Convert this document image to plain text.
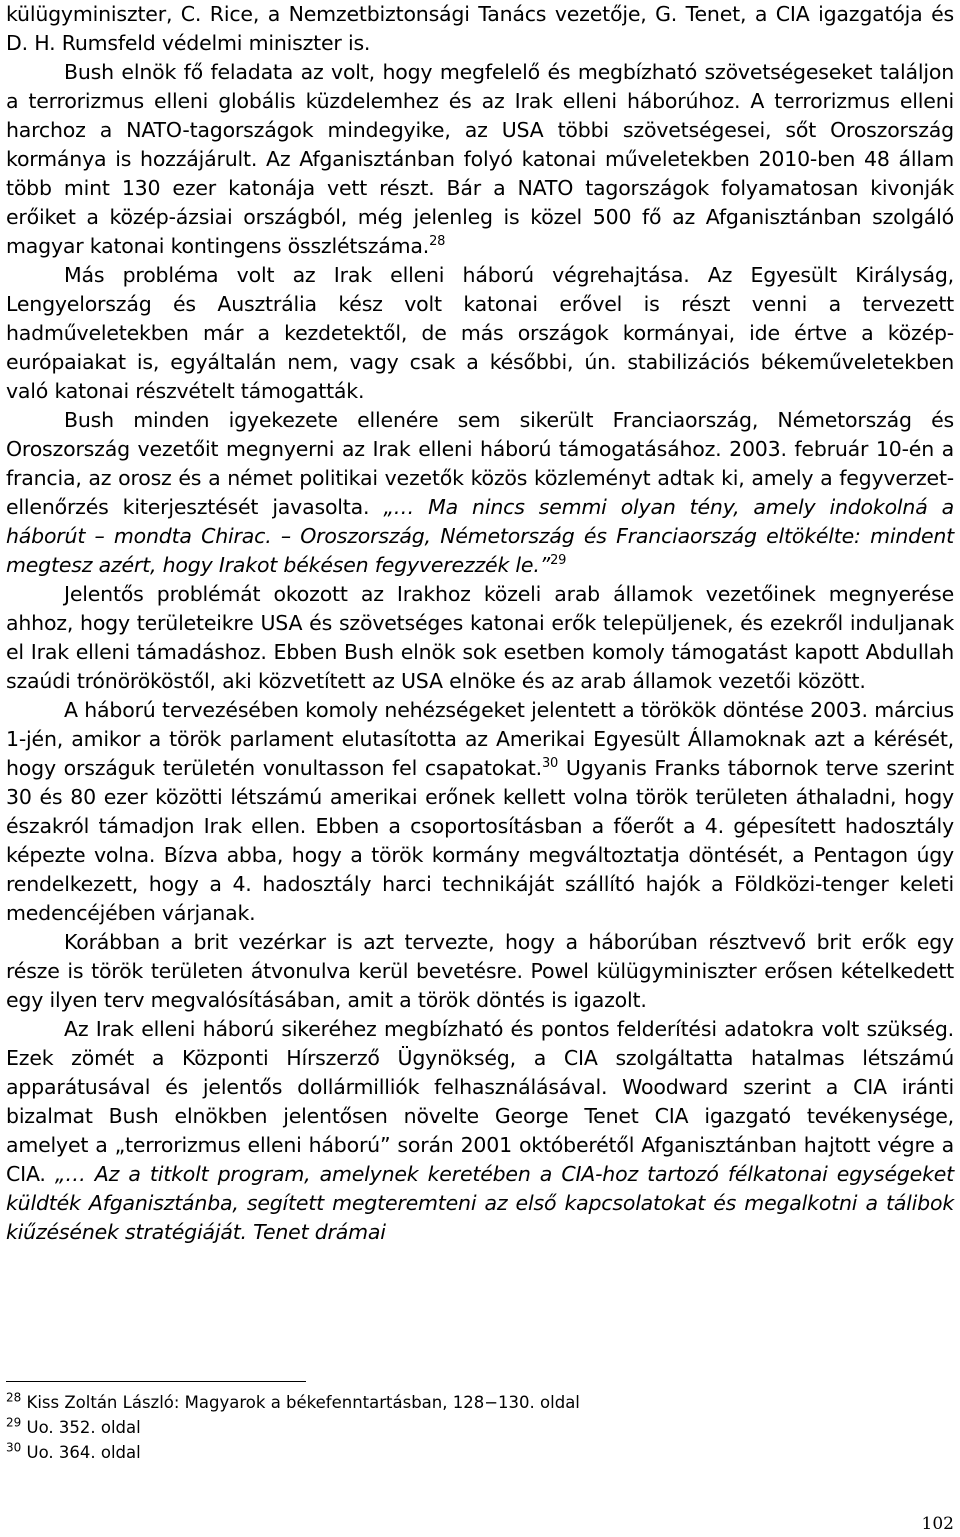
külügyminiszter, C. Rice, a Nemzetbiztonsági Tanács vezetője, G. Tenet, a CIA igazgatója és D. H. Rumsfeld védelmi miniszter is.

Bush elnök fő feladata az volt, hogy megfelelő és megbízható szövetségeseket találjon a terrorizmus elleni globális küzdelemhez és az Irak elleni háborúhoz. A terrorizmus elleni harchoz a NATO-tagországok mindegyike, az USA többi szövetségesei, sőt Oroszország kormánya is hozzájárult. Az Afganisztánban folyó katonai műveletekben 2010-ben 48 állam több mint 130 ezer katonája vett részt. Bár a NATO tagországok folyamatosan kivonják erőiket a közép-ázsiai országból, még jelenleg is közel 500 fő az Afganisztánban szolgáló magyar katonai kontingens összlétszáma.$^{28}$

Más probléma volt az Irak elleni háború végrehajtása. Az Egyesült Királyság, Lengyelország és Ausztrália kész volt katonai erővel is részt venni a tervezett hadműveletekben már a kezdetektől, de más országok kormányai, ide értve a közép-európaiakat is, egyáltalán nem, vagy csak a későbbi, ún. stabilizációs békeműveletekben való katonai részvételt támogatták.

Bush minden igyekezete ellenére sem sikerült Franciaország, Németország és Oroszország vezetőit megnyerni az Irak elleni háború támogatásához. 2003. február 10-én a francia, az orosz és a német politikai vezetők közös közleményt adtak ki, amely a fegyverzet-ellenőrzés kiterjesztését javasolta. „… Ma nincs semmi olyan tény, amely indokolná a háborút – mondta Chirac. – Oroszország, Németország és Franciaország eltökélte: mindent megtesz azért, hogy Irakot békésen fegyverezzék le.”$^{29}$

Jelentős problémát okozott az Irakhoz közeli arab államok vezetőinek megnyerése ahhoz, hogy területeikre USA és szövetséges katonai erők települjenek, és ezekről induljanak el Irak elleni támadáshoz. Ebben Bush elnök sok esetben komoly támogatást kapott Abdullah szaúdi trónörököstől, aki közvetített az USA elnöke és az arab államok vezetői között.

A háború tervezésében komoly nehézségeket jelentett a törökök döntése 2003. március 1-jén, amikor a török parlament elutasította az Amerikai Egyesült Államoknak azt a kérését, hogy országuk területén vonultasson fel csapatokat.$^{30}$ Ugyanis Franks tábornok terve szerint 30 és 80 ezer közötti létszámú amerikai erőnek kellett volna török területen áthaladni, hogy északról támadjon Irak ellen. Ebben a csoportosításban a főerőt a 4. gépesített hadosztály képezte volna. Bízva abba, hogy a török kormány megváltoztatja döntését, a Pentagon úgy rendelkezett, hogy a 4. hadosztály harci technikáját szállító hajók a Földközi-tenger keleti medencéjében várjanak.

Korábban a brit vezérkar is azt tervezte, hogy a háborúban résztvevő brit erők egy része is török területen átvonulva kerül bevetésre. Powel külügyminiszter erősen kételkedett egy ilyen terv megvalósításában, amit a török döntés is igazolt.

Az Irak elleni háború sikeréhez megbízható és pontos felderítési adatokra volt szükség. Ezek zömét a Központi Hírszerző Ügynökség, a CIA szolgáltatta hatalmas létszámú apparátusával és jelentős dollármilliók felhasználásával. Woodward szerint a CIA iránti bizalmat Bush elnökben jelentősen növelte George Tenet CIA igazgató tevékenysége, amelyet a „terrorizmus elleni háború” során 2001 októberétől Afganisztánban hajtott végre a CIA. „… Az a titkolt program, amelynek keretében a CIA-hoz tartozó félkatonai egységeket küldték Afganisztánba, segített megteremteni az első kapcsolatokat és megalkotni a tálibok kiűzésének stratégiáját. Tenet drámai

$^{28}$ Kiss Zoltán László: Magyarok a békefenntartásban, 128−130. oldal

$^{29}$ Uo. 352. oldal

$^{30}$ Uo. 364. oldal

102
